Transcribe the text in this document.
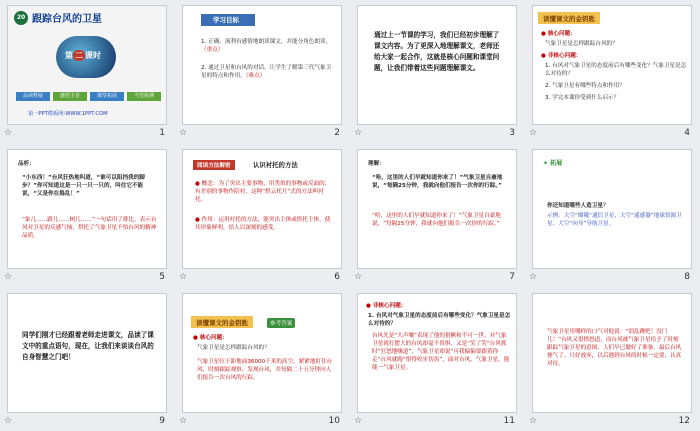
20 跟踪台风的卫星
第 二 课时
品读释疑	感悟主旨	课堂拓展	当堂检测
第一PPT模板网-WWW.1PPT.COM
☆	1
学习目标
1. 正确、流利有感情地朗读课文，并能分角色朗读。（重点）
2. 通过卫星和台风的对话，让学生了解第三代气象卫星的特点和作用。（难点）
☆	2
通过上一节课的学习，我们已经初步理解了课文内容。为了更深入地理解课文，老师还给大家一起合作，这就是核心问题和课堂问题，让我们带着这些问题理解课文。
☆	3
读懂课文的金钥匙
● 核心问题：
气象卫星是怎样跟踪台风的？
● 非核心问题：
1. 台风对气象卫星的态度前后有哪些变化？气象卫星是怎么对待的？
2. 气象卫星有哪些特点和作用？
3. 学完本课你受到什么启示？
☆	4
品析：
“小东西！”台风狂热地叫道，“谁可以阻挡我的脚步？”你可知道这是一只一只一只的，叫住它不能说，“又是你在捣乱！”
“象几……跟几……树几……”一句话用了排比，表示台风对卫星的反感气恼，烘托了气象卫星不怕台风的精神品质。
☆	5
阅读方法解密	认识衬托的方法
● 概念：为了突出主要事物，用类似的事物或反面的、有差别的事物作陪衬，这种“烘云托月”式的方法叫衬托。
● 作用：运用衬托的方法，能突出主体或烘托主体，使其形象鲜明，给人以深刻的感受。
☆	6
理解：
“哈，这里的人们早就知道你来了！”气象卫星自豪地说，“每隔25分钟，我就向他们报告一次你的行踪。”
“哈，这里的人们早就知道你来了！”气象卫星自豪地说，“每隔25分钟，我就向他们报告一次你的行踪。”
☆	7
✦ 拓展
你还知道哪些人造卫星？
示例：大空“嫦娥”通信卫星、大空“遥感器”地球资源卫星、大空“向导”导航卫星。
☆	8
同学们刚才已经跟着老师走进课文，品读了课文中的重点语句，现在，让我们来谈谈台风的自身智慧之门吧！
☆	9
读懂课文的金钥匙	参考答案
● 核心问题：
气象卫星是怎样跟踪台风的？
气象卫星位于距地面36000千米的高空，紧紧地盯住台风，时刻跟踪观察，发现台风，并每隔二十五分钟向人们报告一次台风的行踪。
☆	10
● 非核心问题：
1. 台风对气象卫星的态度前后有哪些变化？气象卫星是怎么对待的？
台风先是“大声嚷”表现了他的猖獗和不可一世。对气象卫星就打摆大的台风却毫不畏惧，又是“笑了笑”台风抓时“狂怒地嚷道”，气象卫星却说“可我偏偏要跟着你走”台风就跑“恨得咬牙切齿”，面对台风，气象卫星，能能一气象卫星。
☆	11
气象卫星用哪样的口气对他说：“别乱跳吧！没门儿！”台风又很愤怒道，而台风被气象卫星给予了时刻跟踪气象卫星的意图，人们早已做好了准备，最后台风便气了。只好放弃，以后遇到台风的时候一定要，认真对待。
☆	12
